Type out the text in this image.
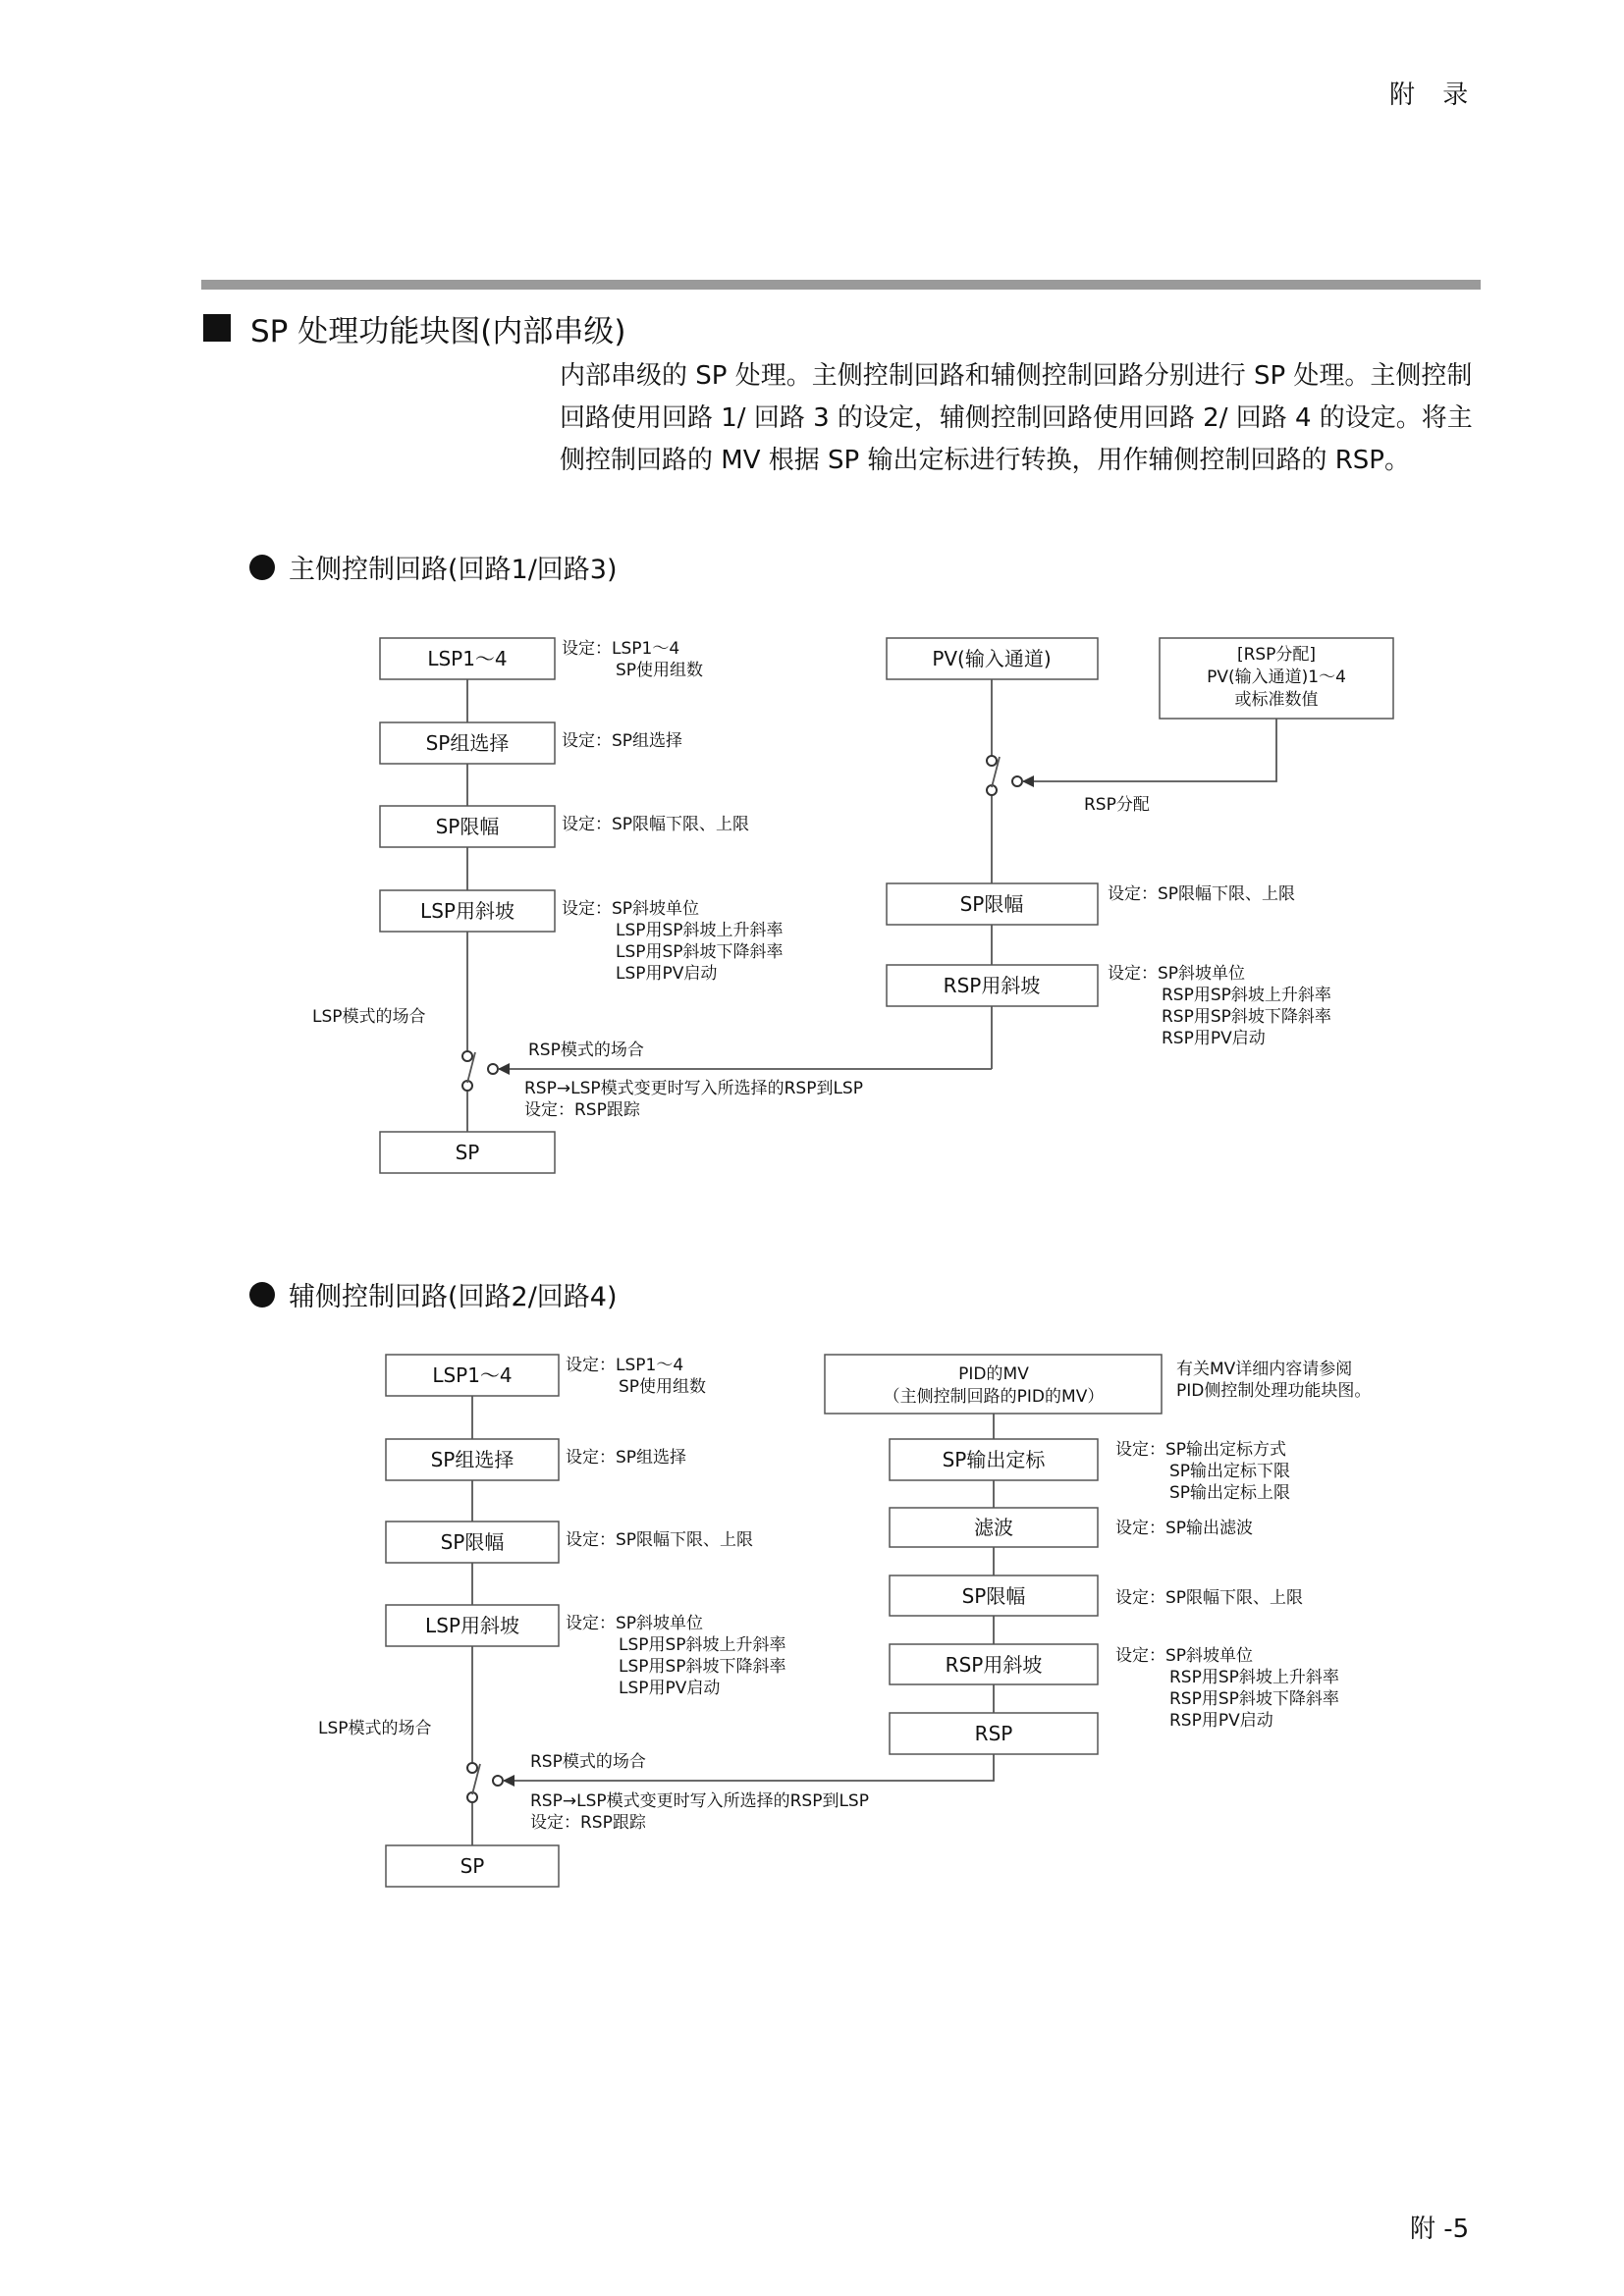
附 录
SP 处理功能块图(内部串级)

内部串级的 SP 处理。主侧控制回路和辅侧控制回路分别进行 SP 处理。主侧控制回路使用回路 1/ 回路 3 的设定，辅侧控制回路使用回路 2/ 回路 4 的设定。将主侧控制回路的 MV 根据 SP 输出定标进行转换，用作辅侧控制回路的 RSP。

主侧控制回路(回路1/回路3)
LSP1～4
SP组选择
SP限幅
LSP用斜坡
SP
设定：LSP1～4
SP使用组数
设定：SP组选择
设定：SP限幅下限、上限
设定：SP斜坡单位
LSP用SP斜坡上升斜率
LSP用SP斜坡下降斜率
LSP用PV启动
LSP模式的场合
RSP模式的场合
RSP→LSP模式变更时写入所选择的RSP到LSP
设定：RSP跟踪
PV(输入通道)	[RSP分配]
PV(输入通道)1～4
或标准数值
RSP分配
SP限幅
RSP用斜坡
设定：SP限幅下限、上限
设定：SP斜坡单位
RSP用SP斜坡上升斜率
RSP用SP斜坡下降斜率
RSP用PV启动
辅侧控制回路(回路2/回路4)
LSP1～4
SP组选择
SP限幅
LSP用斜坡
SP
设定：LSP1～4
SP使用组数
设定：SP组选择
设定：SP限幅下限、上限
设定：SP斜坡单位
LSP用SP斜坡上升斜率
LSP用SP斜坡下降斜率
LSP用PV启动
LSP模式的场合
RSP模式的场合
RSP→LSP模式变更时写入所选择的RSP到LSP
设定：RSP跟踪
PID的MV
（主侧控制回路的PID的MV）
有关MV详细内容请参阅
PID侧控制处理功能块图。
SP输出定标
滤波
SP限幅
RSP用斜坡
RSP
设定：SP输出定标方式
SP输出定标下限
SP输出定标上限
设定：SP输出滤波
设定：SP限幅下限、上限
设定：SP斜坡单位
RSP用SP斜坡上升斜率
RSP用SP斜坡下降斜率
RSP用PV启动
附 -5
